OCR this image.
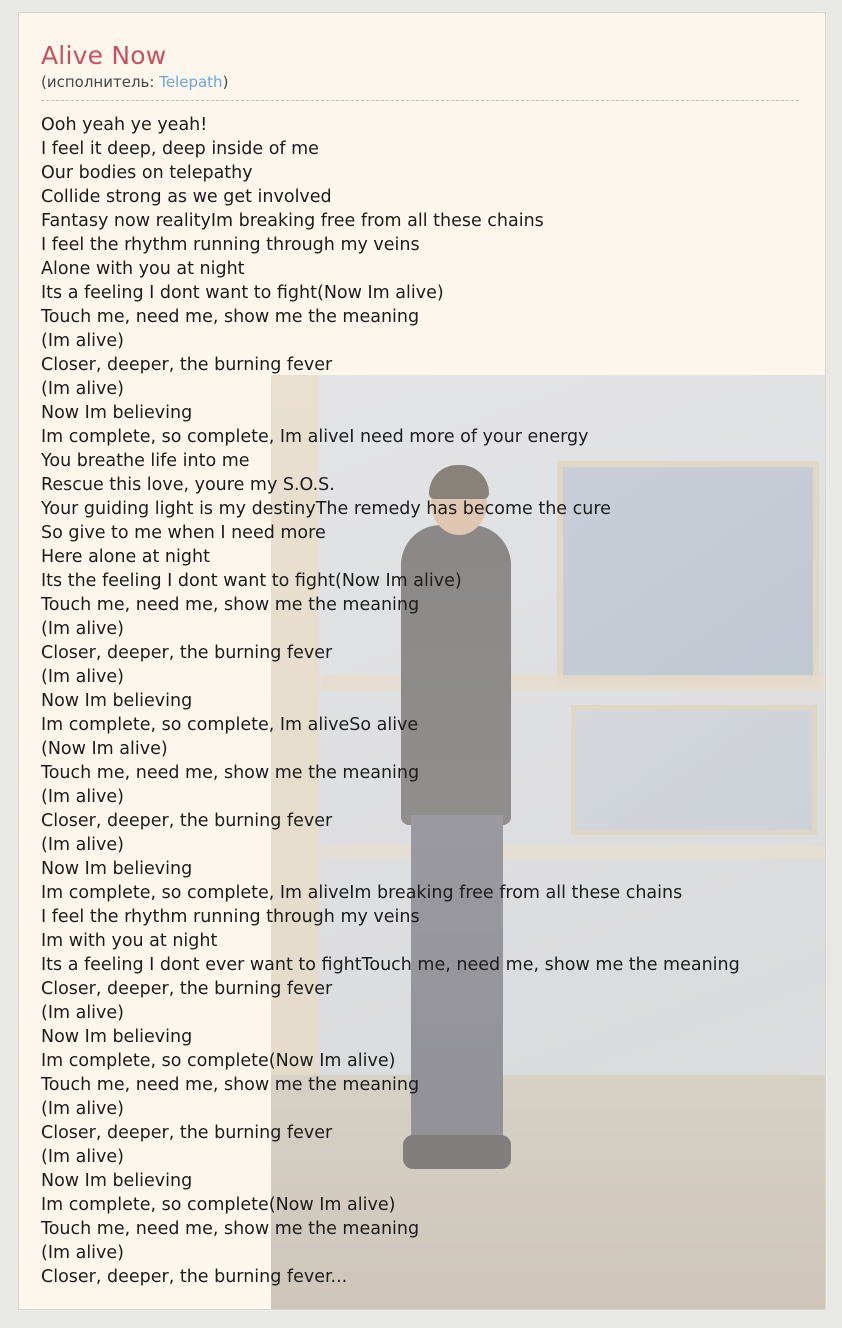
Alive Now
(исполнитель: Telepath)
Ooh yeah ye yeah!
I feel it deep, deep inside of me
Our bodies on telepathy
Collide strong as we get involved
Fantasy now realityIm breaking free from all these chains
I feel the rhythm running through my veins
Alone with you at night
Its a feeling I dont want to fight(Now Im alive)
Touch me, need me, show me the meaning
(Im alive)
Closer, deeper, the burning fever
(Im alive)
Now Im believing
Im complete, so complete, Im aliveI need more of your energy
You breathe life into me
Rescue this love, youre my S.O.S.
Your guiding light is my destinyThe remedy has become the cure
So give to me when I need more
Here alone at night
Its the feeling I dont want to fight(Now Im alive)
Touch me, need me, show me the meaning
(Im alive)
Closer, deeper, the burning fever
(Im alive)
Now Im believing
Im complete, so complete, Im aliveSo alive
(Now Im alive)
Touch me, need me, show me the meaning
(Im alive)
Closer, deeper, the burning fever
(Im alive)
Now Im believing
Im complete, so complete, Im aliveIm breaking free from all these chains
I feel the rhythm running through my veins
Im with you at night
Its a feeling I dont ever want to fightTouch me, need me, show me the meaning
Closer, deeper, the burning fever
(Im alive)
Now Im believing
Im complete, so complete(Now Im alive)
Touch me, need me, show me the meaning
(Im alive)
Closer, deeper, the burning fever
(Im alive)
Now Im believing
Im complete, so complete(Now Im alive)
Touch me, need me, show me the meaning
(Im alive)
Closer, deeper, the burning fever...
